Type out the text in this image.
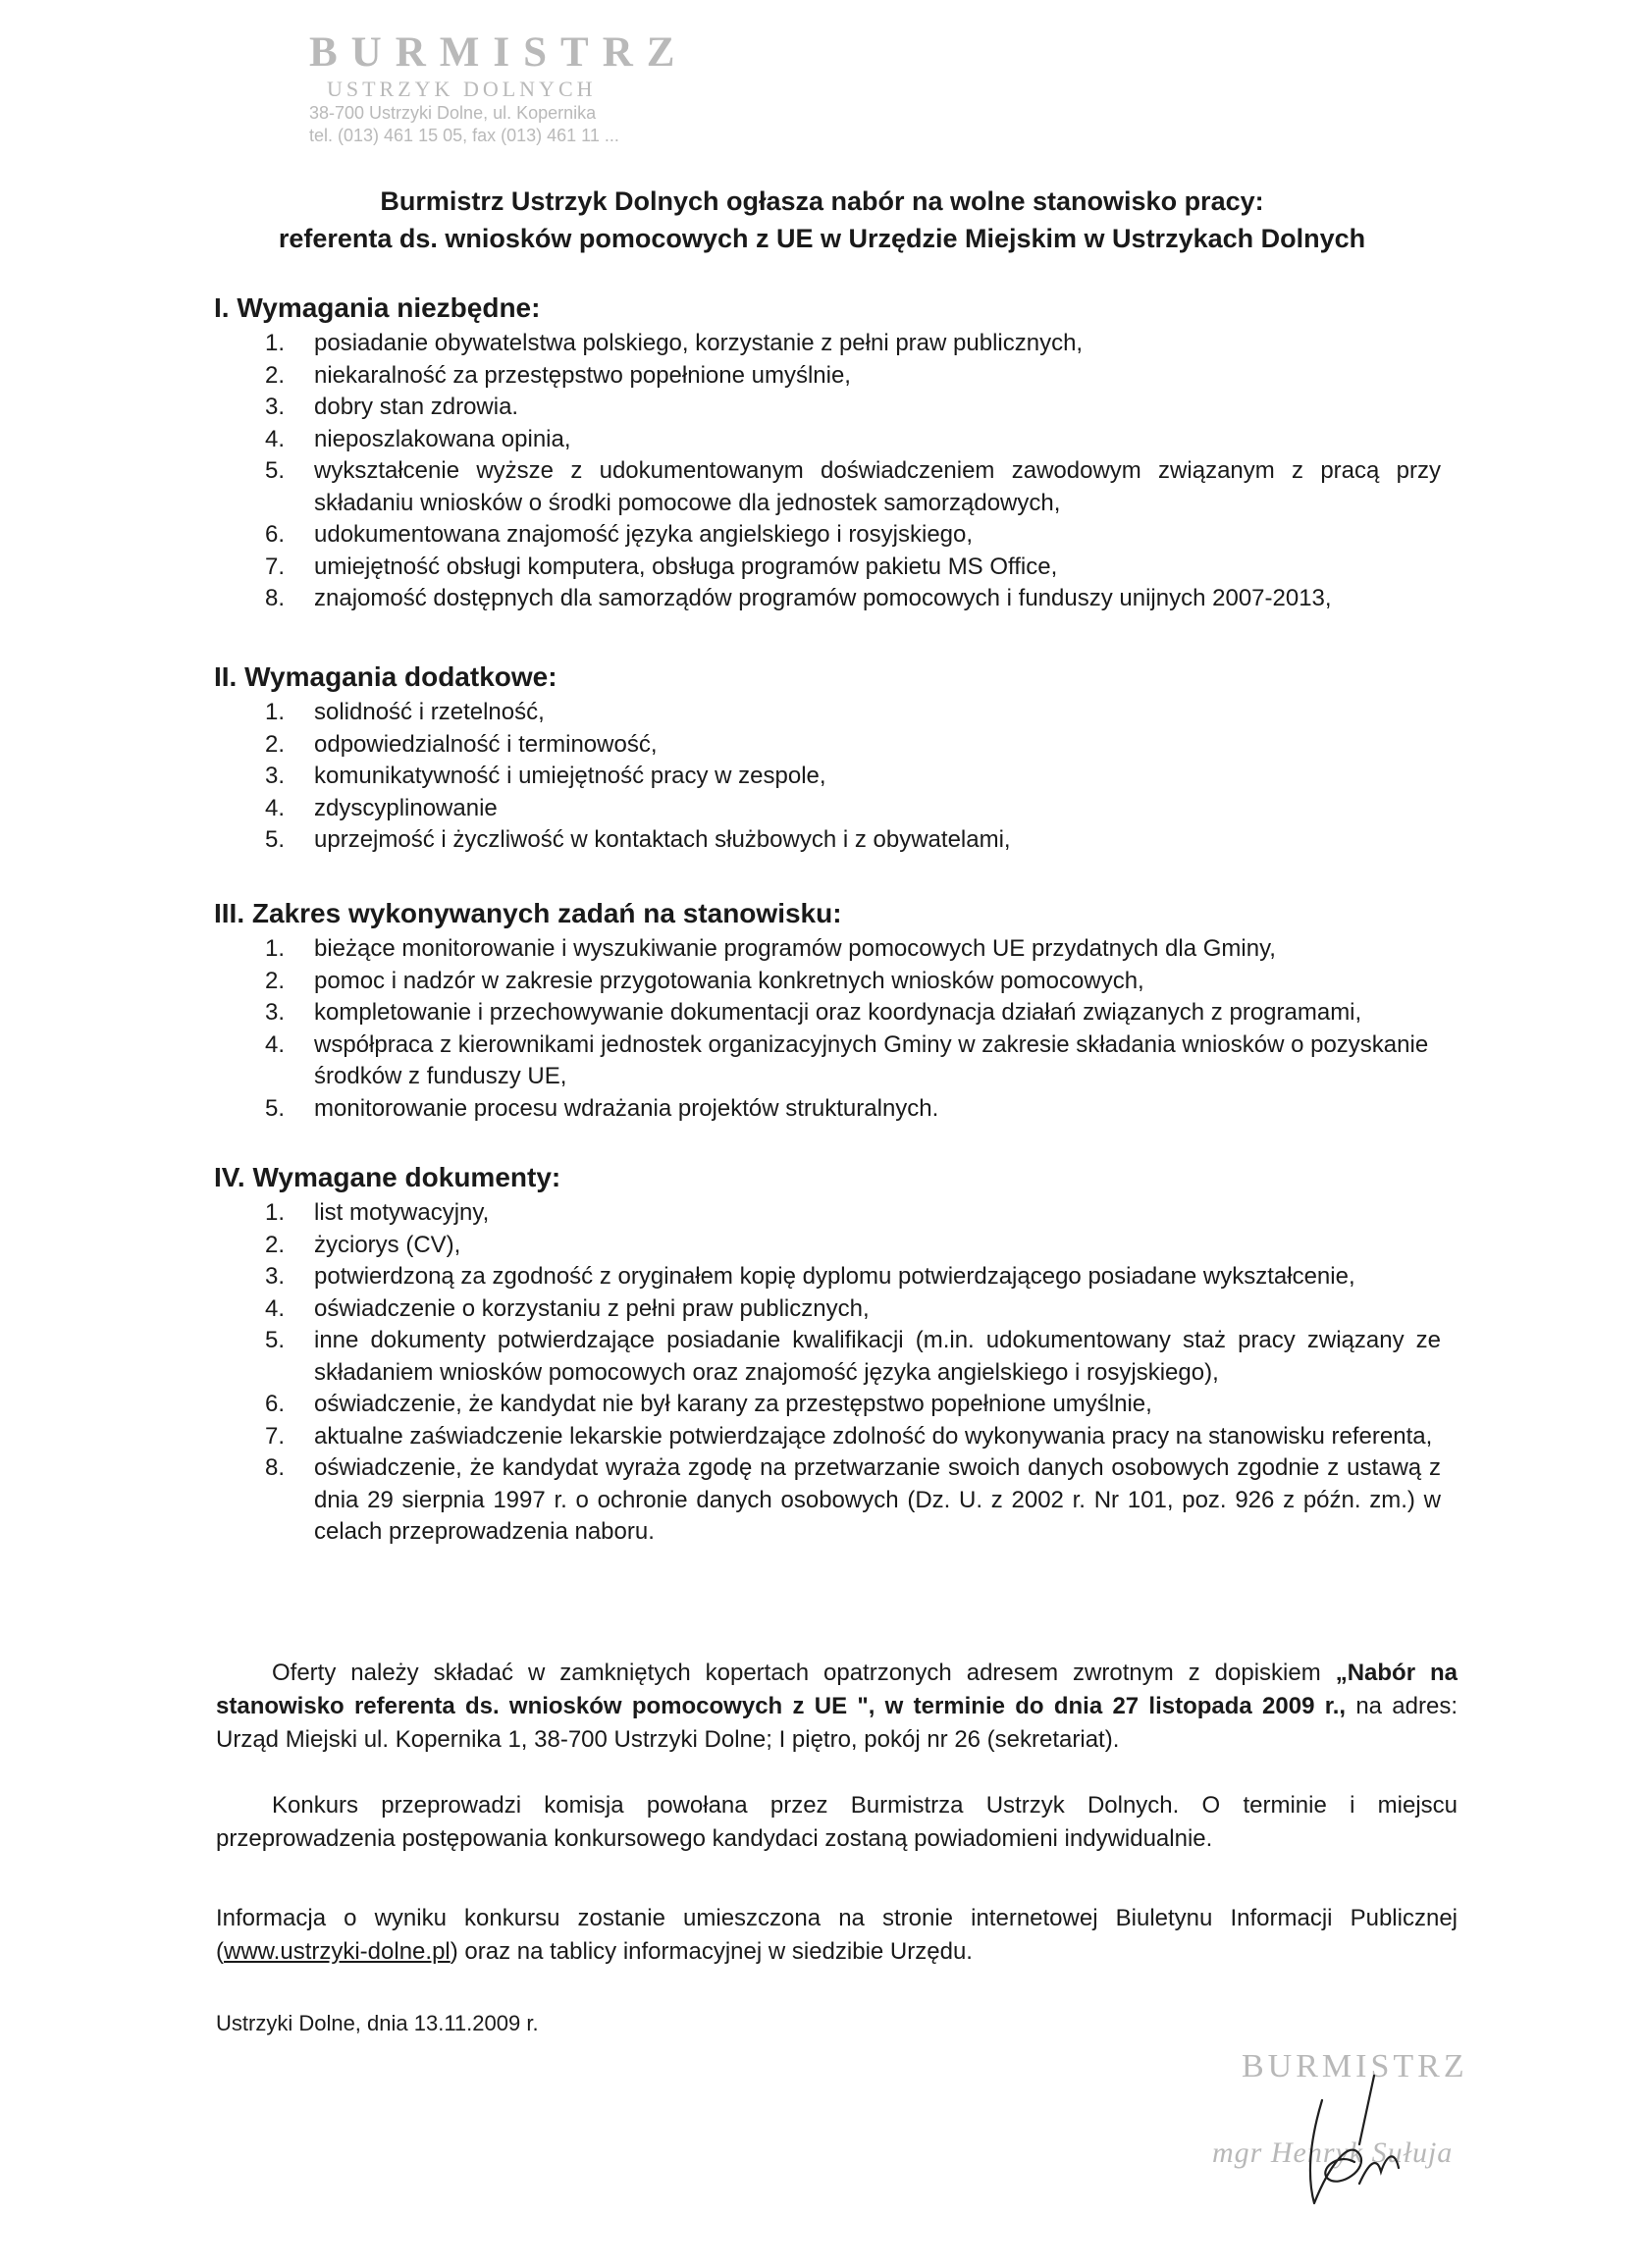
BURMISTRZ
USTRZYK DOLNYCH
38-700 Ustrzyki Dolne, ul. Kopernika
tel. (013) 461 15 05, fax (013) 461 11 ...
Burmistrz Ustrzyk Dolnych ogłasza nabór na wolne stanowisko pracy:
referenta ds. wniosków pomocowych z UE w Urzędzie Miejskim w Ustrzykach Dolnych
I. Wymagania niezbędne:
1. posiadanie obywatelstwa polskiego, korzystanie z pełni praw publicznych,
2. niekaralność za przestępstwo popełnione umyślnie,
3. dobry stan zdrowia.
4. nieposzlakowana opinia,
5. wykształcenie wyższe z udokumentowanym doświadczeniem zawodowym związanym z pracą przy składaniu wniosków o środki pomocowe dla jednostek samorządowych,
6. udokumentowana znajomość języka angielskiego i rosyjskiego,
7. umiejętność obsługi komputera, obsługa programów pakietu MS Office,
8. znajomość dostępnych dla samorządów programów pomocowych i funduszy unijnych 2007-2013,
II. Wymagania dodatkowe:
1. solidność i rzetelność,
2. odpowiedzialność i terminowość,
3. komunikatywność i umiejętność pracy w zespole,
4. zdyscyplinowanie
5. uprzejmość i życzliwość w kontaktach służbowych i z obywatelami,
III. Zakres wykonywanych zadań na stanowisku:
1. bieżące monitorowanie i wyszukiwanie programów pomocowych UE przydatnych dla Gminy,
2. pomoc i nadzór w zakresie przygotowania konkretnych wniosków pomocowych,
3. kompletowanie i przechowywanie dokumentacji oraz koordynacja działań związanych z programami,
4. współpraca z kierownikami jednostek organizacyjnych Gminy w zakresie składania wniosków o pozyskanie środków z funduszy UE,
5. monitorowanie procesu wdrażania projektów strukturalnych.
IV. Wymagane dokumenty:
1. list motywacyjny,
2. życiorys (CV),
3. potwierdzoną za zgodność z oryginałem kopię dyplomu potwierdzającego posiadane wykształcenie,
4. oświadczenie o korzystaniu z pełni praw publicznych,
5. inne dokumenty potwierdzające posiadanie kwalifikacji (m.in. udokumentowany staż pracy związany ze składaniem wniosków pomocowych oraz znajomość języka angielskiego i rosyjskiego),
6. oświadczenie, że kandydat nie był karany za przestępstwo popełnione umyślnie,
7. aktualne zaświadczenie lekarskie potwierdzające zdolność do wykonywania pracy na stanowisku referenta,
8. oświadczenie, że kandydat wyraża zgodę na przetwarzanie swoich danych osobowych zgodnie z ustawą z dnia 29 sierpnia 1997 r. o ochronie danych osobowych (Dz. U. z 2002 r. Nr 101, poz. 926 z późn. zm.) w celach przeprowadzenia naboru.
Oferty należy składać w zamkniętych kopertach opatrzonych adresem zwrotnym z dopiskiem „Nabór na stanowisko referenta ds. wniosków pomocowych z UE ", w terminie do dnia 27 listopada 2009 r., na adres: Urząd Miejski ul. Kopernika 1, 38-700 Ustrzyki Dolne; I piętro, pokój nr 26 (sekretariat).
Konkurs przeprowadzi komisja powołana przez Burmistrza Ustrzyk Dolnych. O terminie i miejscu przeprowadzenia postępowania konkursowego kandydaci zostaną powiadomieni indywidualnie.
Informacja o wyniku konkursu zostanie umieszczona na stronie internetowej Biuletynu Informacji Publicznej (www.ustrzyki-dolne.pl) oraz na tablicy informacyjnej w siedzibie Urzędu.
Ustrzyki Dolne, dnia 13.11.2009 r.
BURMISTRZ
mgr Henryk Sułuja
